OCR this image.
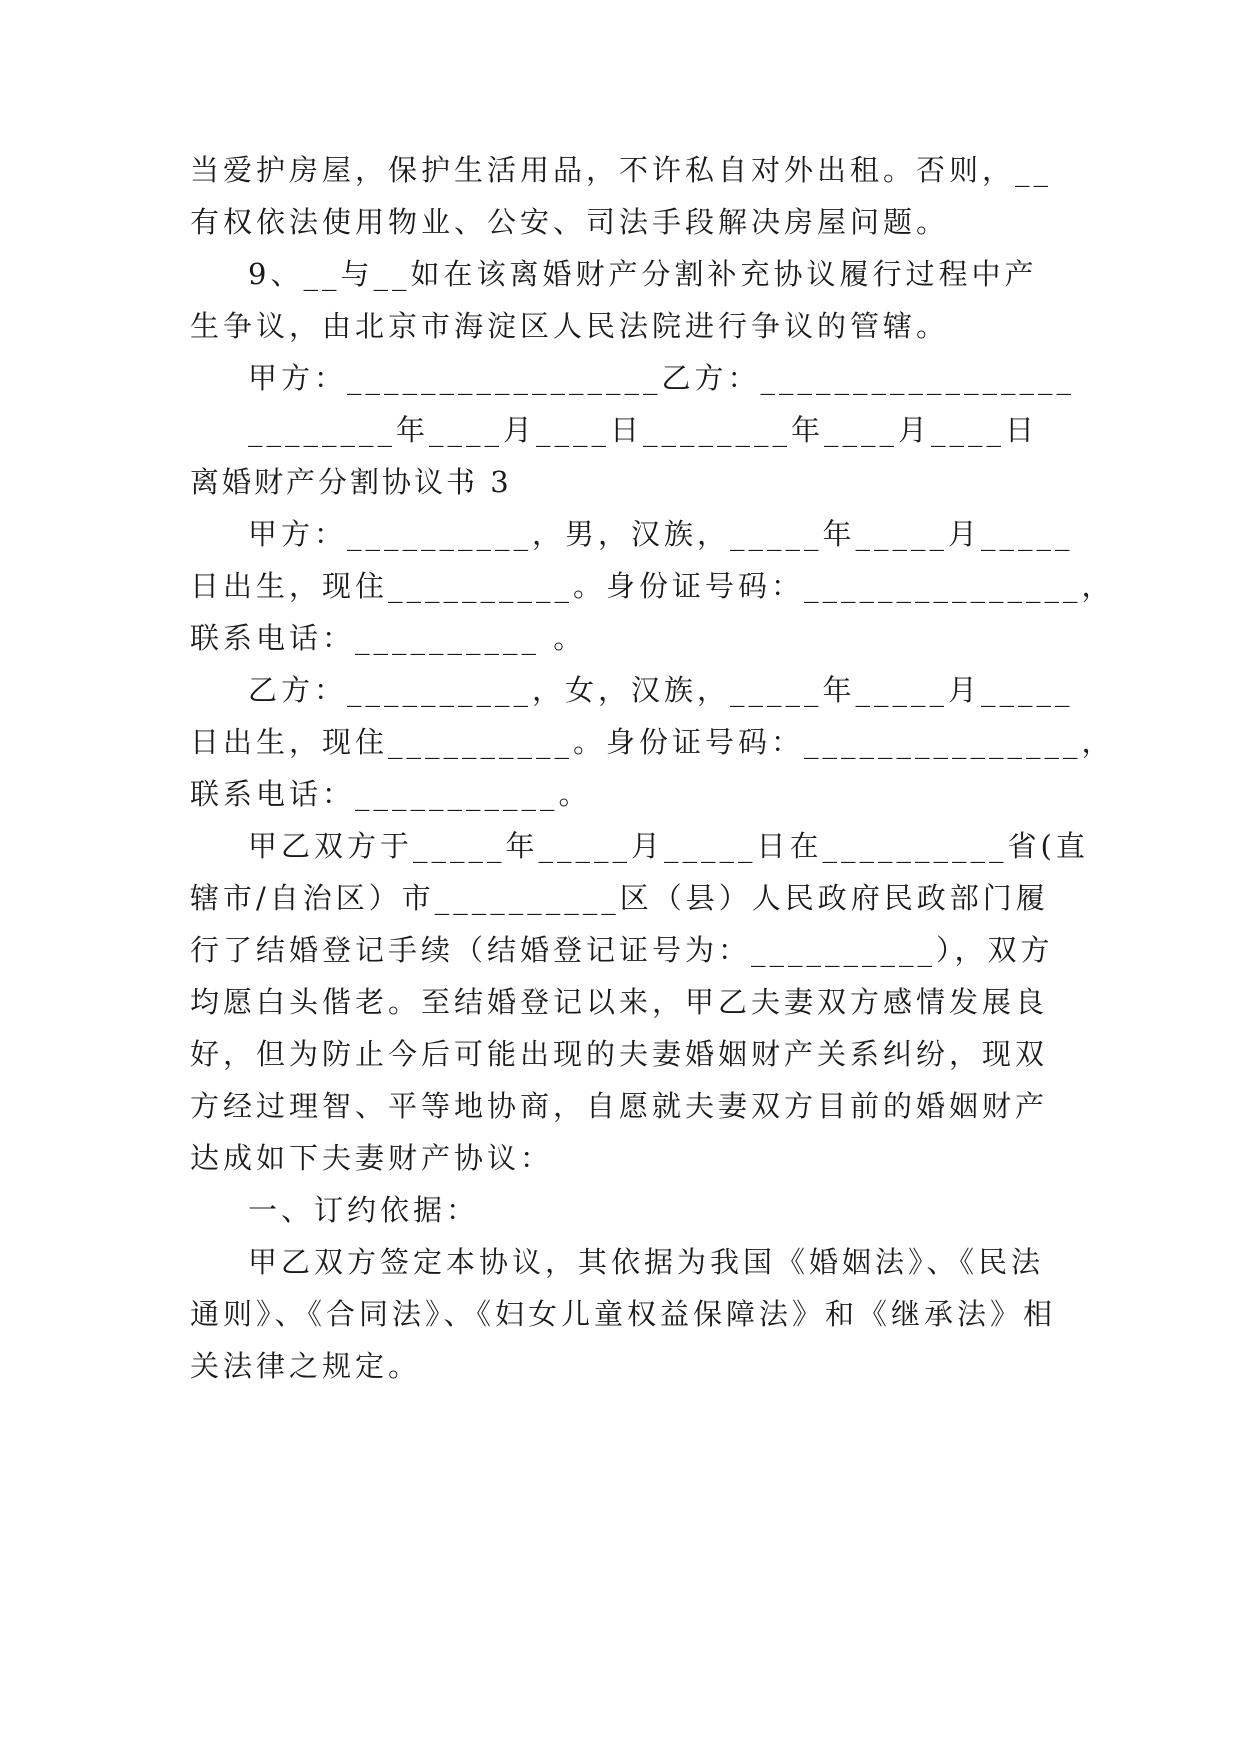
当爱护房屋，保护生活用品，不许私自对外出租。否则，__

有权依法使用物业、公安、司法手段解决房屋问题。

9、__与__如在该离婚财产分割补充协议履行过程中产

生争议，由北京市海淀区人民法院进行争议的管辖。

甲方：_________________乙方：_________________

________年____月____日________年____月____日

离婚财产分割协议书 3

甲方：__________，男，汉族，_____年_____月_____

日出生，现住__________。身份证号码：_______________，

联系电话：__________ 。

乙方：__________，女，汉族，_____年_____月_____

日出生，现住__________。身份证号码：_______________，

联系电话：___________。

甲乙双方于_____年_____月_____日在__________省(直

辖市/自治区）市__________区（县）人民政府民政部门履

行了结婚登记手续（结婚登记证号为：__________），双方

均愿白头偕老。至结婚登记以来，甲乙夫妻双方感情发展良

好，但为防止今后可能出现的夫妻婚姻财产关系纠纷，现双

方经过理智、平等地协商，自愿就夫妻双方目前的婚姻财产

达成如下夫妻财产协议：

一、订约依据：

甲乙双方签定本协议，其依据为我国《婚姻法》、《民法

通则》、《合同法》、《妇女儿童权益保障法》和《继承法》相

关法律之规定。
